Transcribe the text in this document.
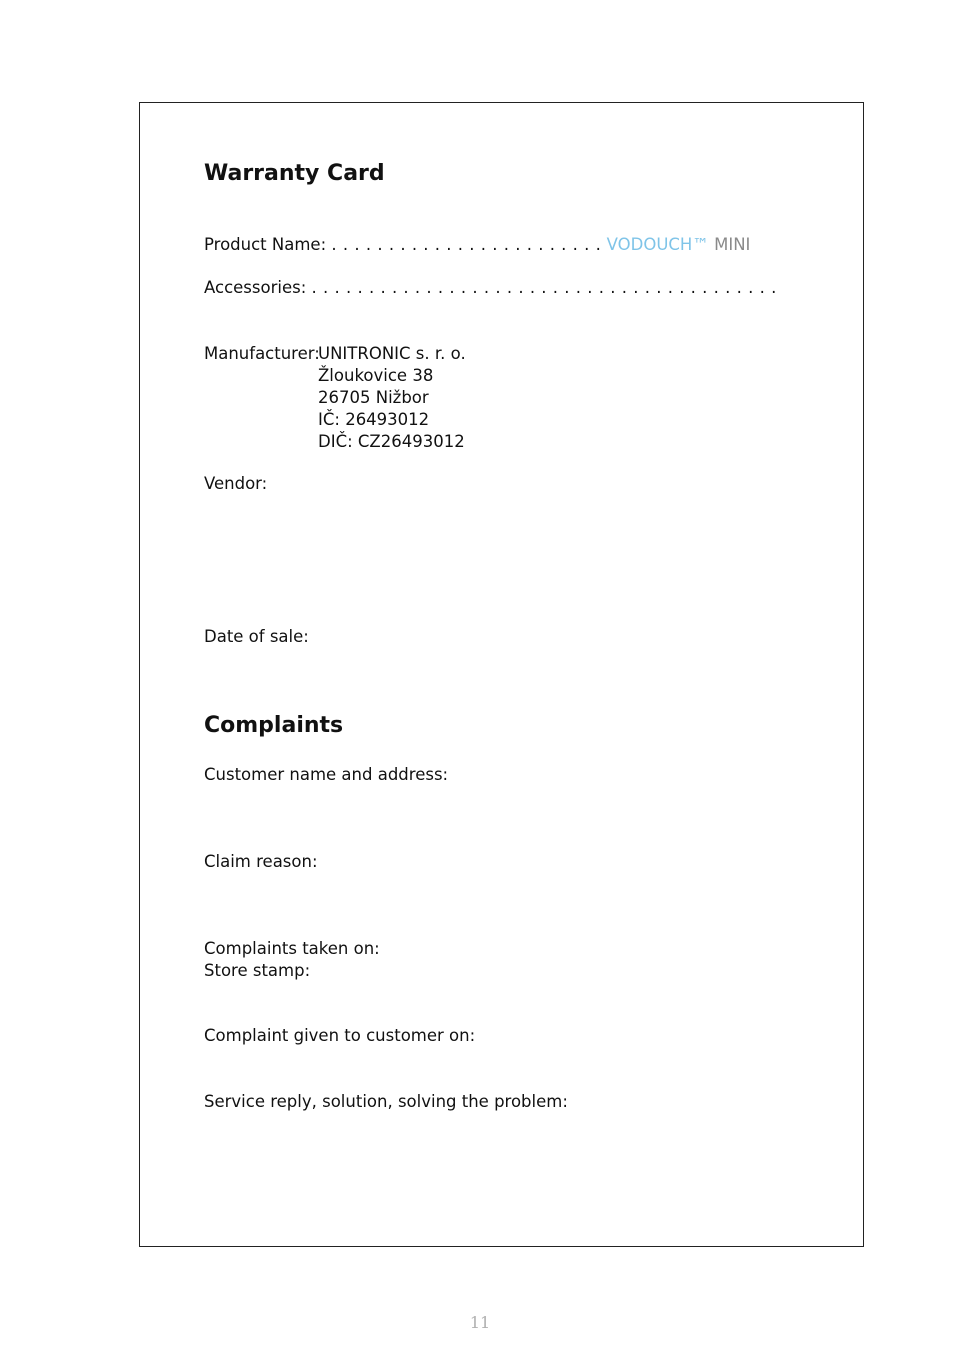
Warranty Card
Product Name: . . . . . . . . . . . . . . . . . . . . . . . . VODOUCH™ MINI
Accessories: . . . . . . . . . . . . . . . . . . . . . . . . . . . . . . . . . . . . . . . . .
Manufacturer:
UNITRONIC s. r. o.
Žloukovice 38
26705 Nižbor
IČ: 26493012
DIČ: CZ26493012
Vendor:
Date of sale:
Complaints
Customer name and address:
Claim reason:
Complaints taken on:
Store stamp:
Complaint given to customer on:
Service reply, solution, solving the problem:
11
